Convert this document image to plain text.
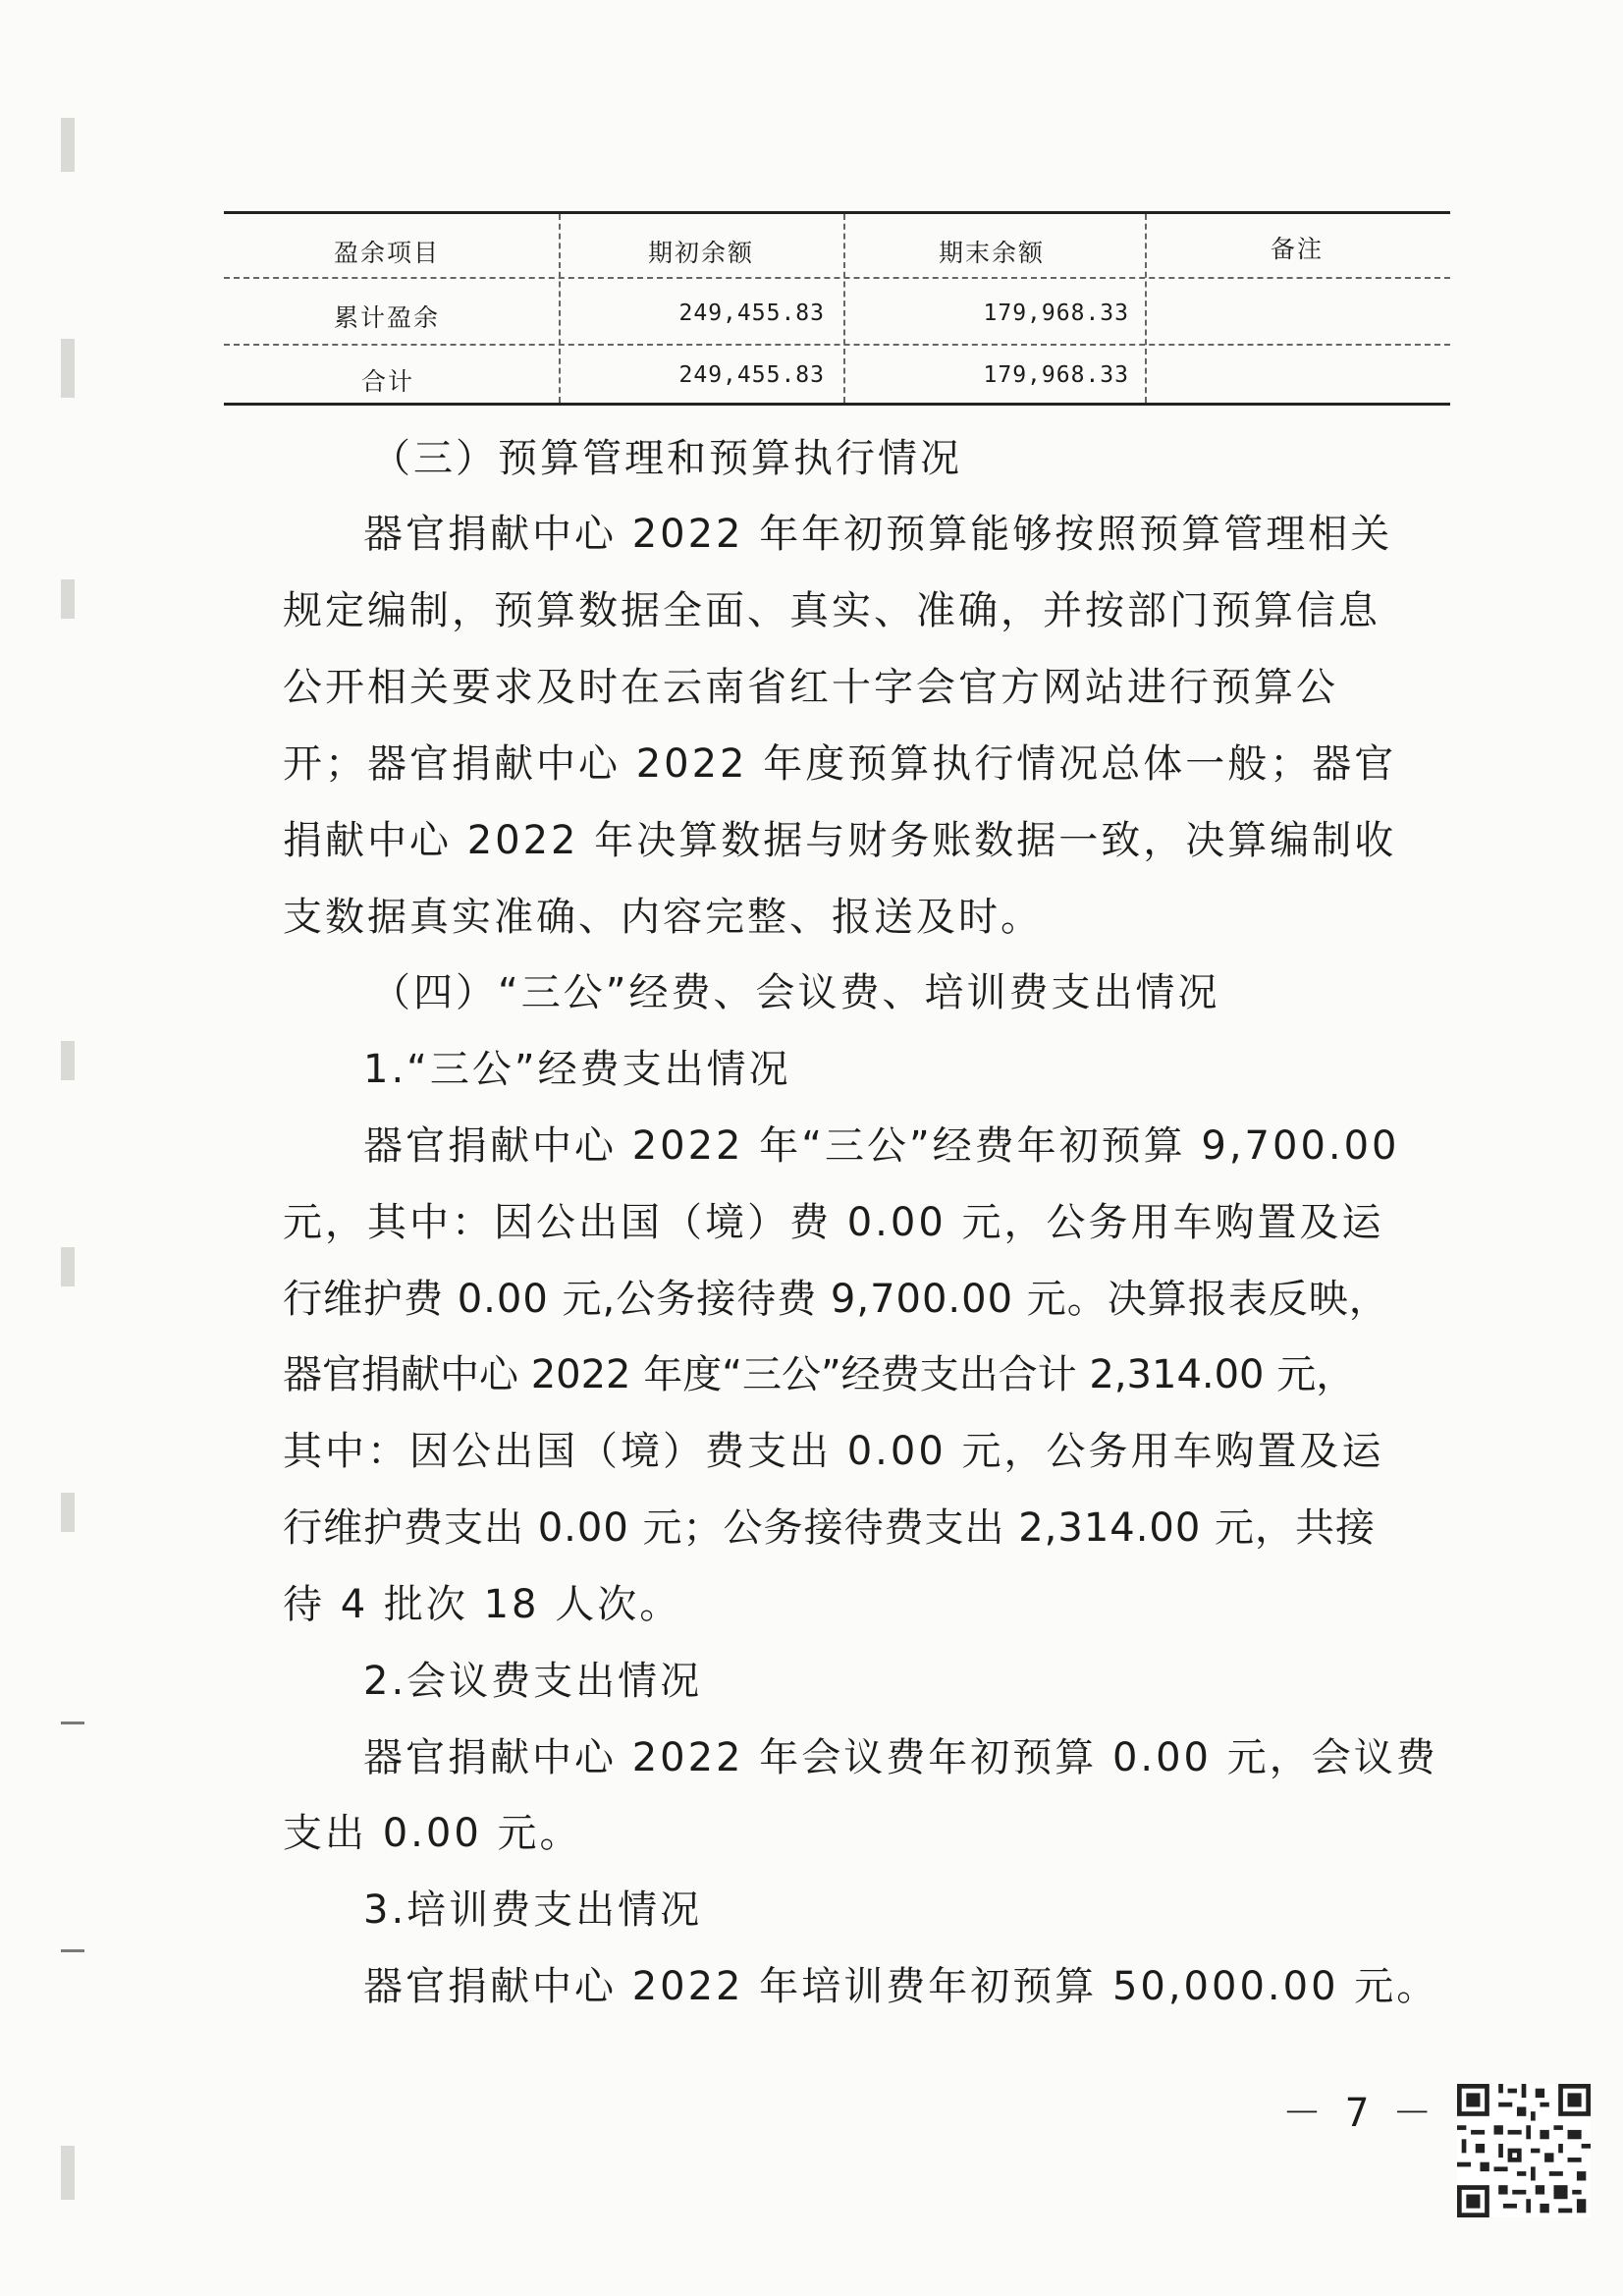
盈余项目	期初余额	期末余额	备注
累计盈余	249,455.83	179,968.33
合计	249,455.83	179,968.33
（三）预算管理和预算执行情况
器官捐献中心 2022 年年初预算能够按照预算管理相关
规定编制，预算数据全面、真实、准确，并按部门预算信息
公开相关要求及时在云南省红十字会官方网站进行预算公
开；器官捐献中心 2022 年度预算执行情况总体一般；器官
捐献中心 2022 年决算数据与财务账数据一致，决算编制收
支数据真实准确、内容完整、报送及时。
（四）“三公”经费、会议费、培训费支出情况
1.“三公”经费支出情况
器官捐献中心 2022 年“三公”经费年初预算 9,700.00
元，其中：因公出国（境）费 0.00 元，公务用车购置及运
行维护费 0.00 元,公务接待费 9,700.00 元。决算报表反映，
器官捐献中心 2022 年度“三公”经费支出合计 2,314.00 元，
其中：因公出国（境）费支出 0.00 元，公务用车购置及运
行维护费支出 0.00 元；公务接待费支出 2,314.00 元，共接
待 4 批次 18 人次。
2.会议费支出情况
器官捐献中心 2022 年会议费年初预算 0.00 元，会议费
支出 0.00 元。
3.培训费支出情况
器官捐献中心 2022 年培训费年初预算 50,000.00 元。
－ 7 －
